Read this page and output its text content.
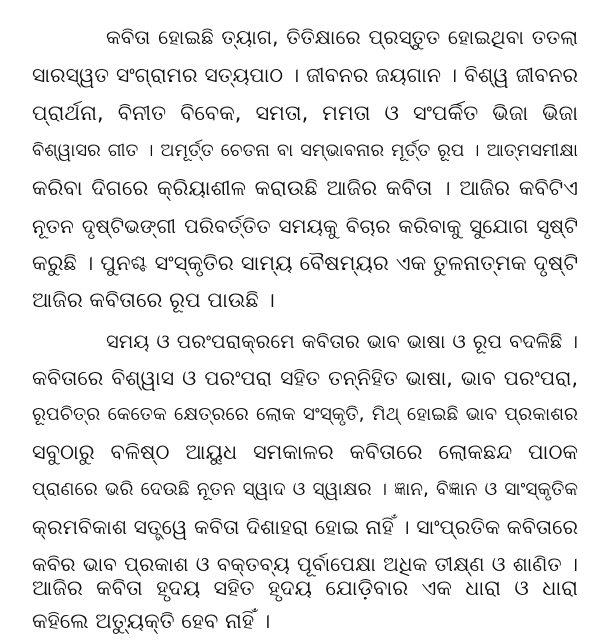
କବିତା ହୋଇଛି ତ୍ୟାଗ, ତିତିକ୍ଷାରେ ପ୍ରସ୍ତୁତ ହୋଇଥିବା ତତଲା
ସାରସ୍ୱତ ସଂଗ୍ରାମର ସତ୍ୟପାଠ । ଜୀବନର ଜୟଗାନ । ବିଶ୍ୱ ଜୀବନର
ପ୍ରାର୍ଥନା, ବିନୀତ ବିବେକ, ସମତା, ମମତା ଓ ସଂପର୍କିତ ଭିଜା ଭିଜା
ବିଶ୍ୱାସର ଗୀତ । ଅମୂର୍ତ୍ତ ଚେତନା ବା ସମ୍ଭାବନାର ମୂର୍ତ୍ତ ରୂପ । ଆତ୍ମସମୀକ୍ଷା
କରିବା ଦିଗରେ କ୍ରିୟାଶୀଳ କରାଉଛି ଆଜିର କବିତା । ଆଜିର କବିଟିଏ
ନୂତନ ଦୃଷ୍ଟିଭଙ୍ଗୀ ପରିବର୍ତ୍ତିତ ସମୟକୁ ବିଚାର କରିବାକୁ ସୁଯୋଗ ସୃଷ୍ଟି
କରୁଛି । ପୁନଶ୍ଚ ସଂସ୍କୃତିର ସାମ୍ୟ ବୈଷମ୍ୟର ଏକ ତୁଳନାତ୍ମକ ଦୃଷ୍ଟି
ଆଜିର କବିତାରେ ରୂପ ପାଉଛି ।
ସମୟ ଓ ପରଂପରାକ୍ରମେ କବିତାର ଭାବ ଭାଷା ଓ ରୂପ ବଦଳିଛି ।
କବିତାରେ ବିଶ୍ୱାସ ଓ ପରଂପରା ସହିତ ତନ୍ନିହିତ ଭାଷା, ଭାବ ପରଂପରା,
ରୂପଚିତ୍ର କେତେକ କ୍ଷେତ୍ରରେ ଲୋକ ସଂସ୍କୃତି, ମିଥ୍ ହୋଇଛି ଭାବ ପ୍ରକାଶର
ସବୁଠାରୁ ବଳିଷ୍ଠ ଆୟୁଧ ସମକାଳର କବିତାରେ ଲୋକଛନ୍ଦ ପାଠକ
ପ୍ରାଣରେ ଭରି ଦେଉଛି ନୂତନ ସ୍ୱାଦ ଓ ସ୍ୱାକ୍ଷର । ଜ୍ଞାନ, ବିଜ୍ଞାନ ଓ ସାଂସ୍କୃତିକ
କ୍ରମବିକାଶ ସତ୍ତ୍ୱେ କବିତା ଦିଶାହରା ହୋଇ ନାହିଁ । ସାଂପ୍ରତିକ କବିତାରେ
କବିର ଭାବ ପ୍ରକାଶ ଓ ବକ୍ତବ୍ୟ ପୂର୍ବାପେକ୍ଷା ଅଧିକ ତୀକ୍ଷ୍ଣ ଓ ଶାଣିତ ।
ଆଜିର କବିତା ହୃଦୟ ସହିତ ହୃଦୟ ଯୋଡ଼ିବାର ଏକ ଧାରା ଓ ଧାରା
କହିଲେ ଅତ୍ୟୁକ୍ତି ହେବ ନାହିଁ ।
